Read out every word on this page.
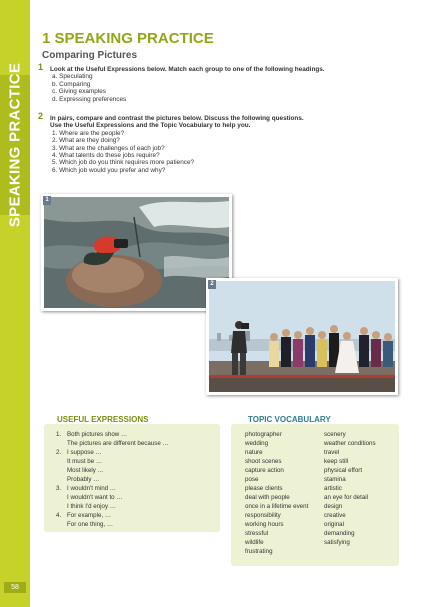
SPEAKING PRACTICE
58
1 SPEAKING PRACTICE
Comparing Pictures
1 Look at the Useful Expressions below. Match each group to one of the following headings.
a. Speculating
b. Comparing
c. Giving examples
d. Expressing preferences
2 In pairs, compare and contrast the pictures below. Discuss the following questions.
Use the Useful Expressions and the Topic Vocabulary to help you.
1. Where are the people?
2. What are they doing?
3. What are the challenges of each job?
4. What talents do these jobs require?
5. Which job do you think requires more patience?
6. Which job would you prefer and why?
1
2
USEFUL EXPRESSIONS
1. Both pictures show …
The pictures are different because …
2. I suppose …
It must be …
Most likely …
Probably …
3. I wouldn't mind …
I wouldn't want to …
I think I'd enjoy …
4. For example, …
For one thing, …
TOPIC VOCABULARY
photographer
wedding
nature
shoot scenes
capture action
pose
please clients
deal with people
once in a lifetime event
responsibility
working hours
stressful
wildlife
frustrating
scenery
weather conditions
travel
keep still
physical effort
stamina
artistic
an eye for detail
design
creative
original
demanding
satisfying
